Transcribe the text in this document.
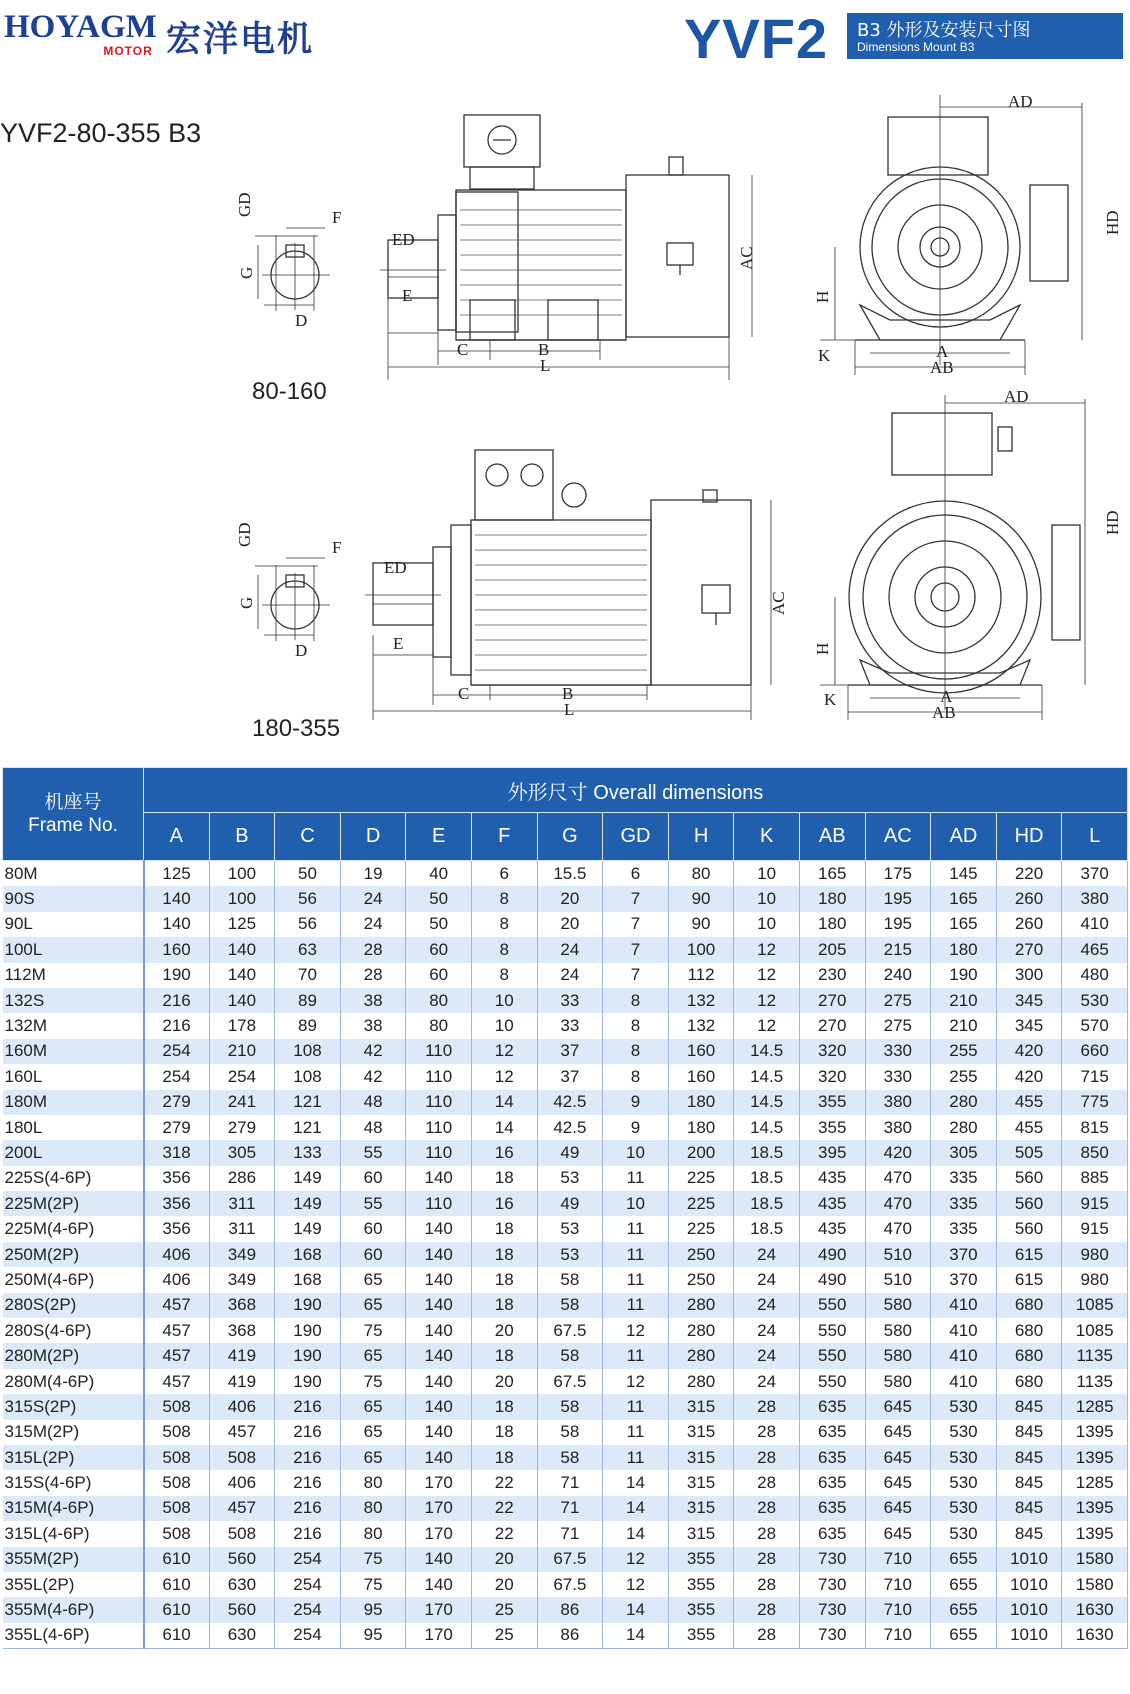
HOYAGM
MOTOR 宏洋电机	YVF2 B3 外形及安装尺寸图
Dimensions Mount B3
YVF2-80-355 B3
80-160
180-355
GD
F
G
D
ED
E
C	B
L
AC
AD
HD
H
K	A
AB
GD
F
G
D
ED
E
C	B
L
AC
AD
HD
H
K	A
AB
机座号
Frame No.	外形尺寸 Overall dimensions														
	A	B	C	D	E	F	G	GD	H	K	AB	AC	AD	HD	L
80M	125	100	50	19	40	6	15.5	6	80	10	165	175	145	220	370
90S	140	100	56	24	50	8	20	7	90	10	180	195	165	260	380
90L	140	125	56	24	50	8	20	7	90	10	180	195	165	260	410
100L	160	140	63	28	60	8	24	7	100	12	205	215	180	270	465
112M	190	140	70	28	60	8	24	7	112	12	230	240	190	300	480
132S	216	140	89	38	80	10	33	8	132	12	270	275	210	345	530
132M	216	178	89	38	80	10	33	8	132	12	270	275	210	345	570
160M	254	210	108	42	110	12	37	8	160	14.5	320	330	255	420	660
160L	254	254	108	42	110	12	37	8	160	14.5	320	330	255	420	715
180M	279	241	121	48	110	14	42.5	9	180	14.5	355	380	280	455	775
180L	279	279	121	48	110	14	42.5	9	180	14.5	355	380	280	455	815
200L	318	305	133	55	110	16	49	10	200	18.5	395	420	305	505	850
225S(4-6P)	356	286	149	60	140	18	53	11	225	18.5	435	470	335	560	885
225M(2P)	356	311	149	55	110	16	49	10	225	18.5	435	470	335	560	915
225M(4-6P)	356	311	149	60	140	18	53	11	225	18.5	435	470	335	560	915
250M(2P)	406	349	168	60	140	18	53	11	250	24	490	510	370	615	980
250M(4-6P)	406	349	168	65	140	18	58	11	250	24	490	510	370	615	980
280S(2P)	457	368	190	65	140	18	58	11	280	24	550	580	410	680	1085
280S(4-6P)	457	368	190	75	140	20	67.5	12	280	24	550	580	410	680	1085
280M(2P)	457	419	190	65	140	18	58	11	280	24	550	580	410	680	1135
280M(4-6P)	457	419	190	75	140	20	67.5	12	280	24	550	580	410	680	1135
315S(2P)	508	406	216	65	140	18	58	11	315	28	635	645	530	845	1285
315M(2P)	508	457	216	65	140	18	58	11	315	28	635	645	530	845	1395
315L(2P)	508	508	216	65	140	18	58	11	315	28	635	645	530	845	1395
315S(4-6P)	508	406	216	80	170	22	71	14	315	28	635	645	530	845	1285
315M(4-6P)	508	457	216	80	170	22	71	14	315	28	635	645	530	845	1395
315L(4-6P)	508	508	216	80	170	22	71	14	315	28	635	645	530	845	1395
355M(2P)	610	560	254	75	140	20	67.5	12	355	28	730	710	655	1010	1580
355L(2P)	610	630	254	75	140	20	67.5	12	355	28	730	710	655	1010	1580
355M(4-6P)	610	560	254	95	170	25	86	14	355	28	730	710	655	1010	1630
355L(4-6P)	610	630	254	95	170	25	86	14	355	28	730	710	655	1010	1630
